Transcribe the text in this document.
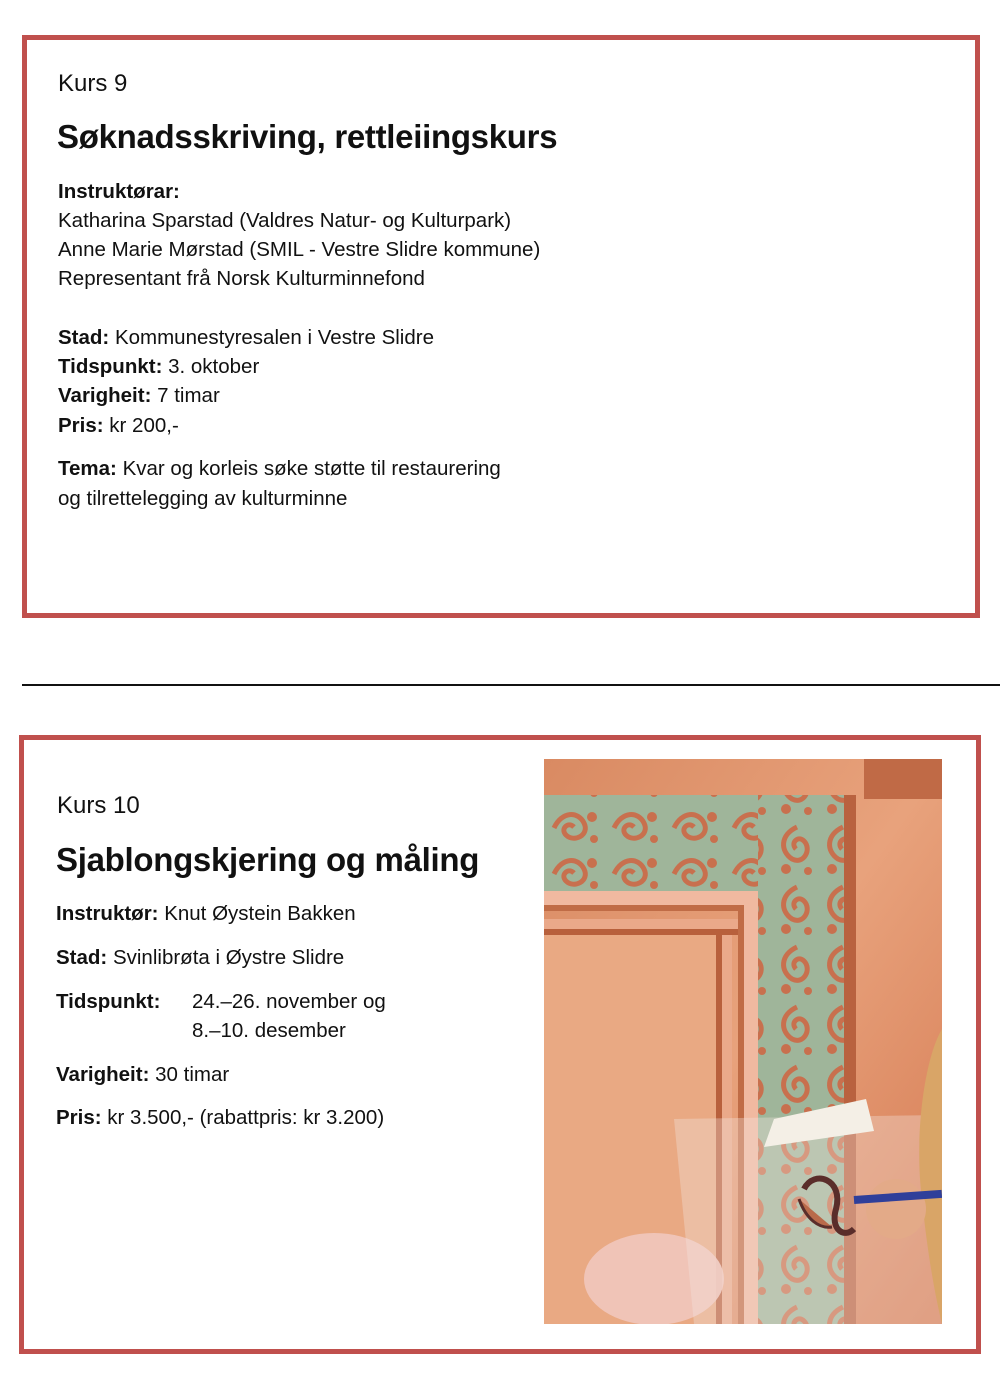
Kurs 9
Søknadsskriving, rettleiingskurs
Instruktørar:
Katharina Sparstad (Valdres Natur- og Kulturpark)
Anne Marie Mørstad (SMIL - Vestre Slidre kommune)
Representant frå Norsk Kulturminnefond
Stad: Kommunestyresalen i Vestre Slidre
Tidspunkt: 3. oktober
Varigheit: 7 timar
Pris: kr 200,-
Tema: Kvar og korleis søke støtte til restaurering
og tilrettelegging av kulturminne
Kurs 10
Sjablongskjering og måling
Instruktør: Knut Øystein Bakken
Stad: Svinlibrøta i Øystre Slidre
Tidspunkt: 24.–26. november og
8.–10. desember
Varigheit: 30 timar
Pris: kr 3.500,- (rabattpris: kr 3.200)
